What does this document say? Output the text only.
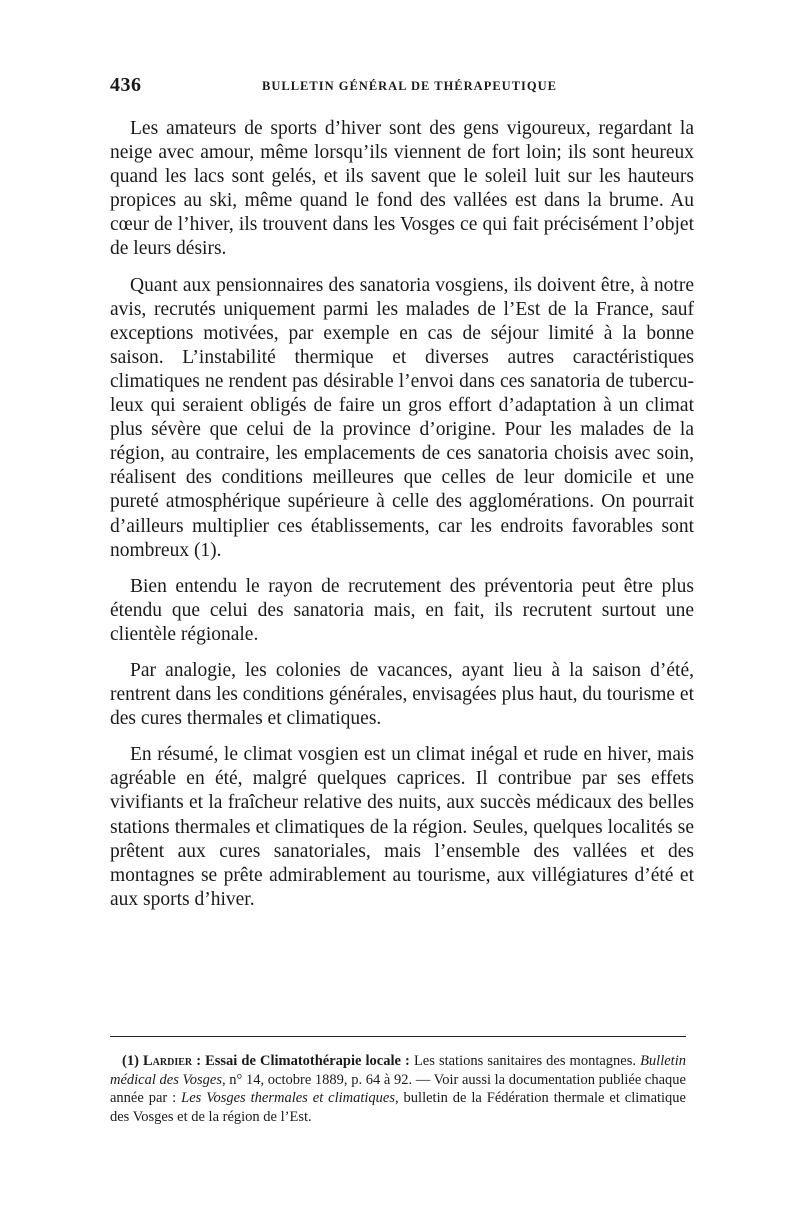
436	BULLETIN GÉNÉRAL DE THÉRAPEUTIQUE

Les amateurs de sports d’hiver sont des gens vigoureux, regardant la neige avec amour, même lorsqu’ils viennent de fort loin; ils sont heureux quand les lacs sont gelés, et ils savent que le soleil luit sur les hauteurs propices au ski, même quand le fond des vallées est dans la brume. Au cœur de l’hiver, ils trouvent dans les Vosges ce qui fait précisément l’objet de leurs désirs.

Quant aux pensionnaires des sanatoria vosgiens, ils doivent être, à notre avis, recrutés uniquement parmi les malades de l’Est de la France, sauf exceptions motivées, par exemple en cas de séjour limité à la bonne saison. L’instabilité thermique et diverses autres caractéristiques climatiques ne rendent pas désirable l’envoi dans ces sanatoria de tuberculeux qui seraient obligés de faire un gros effort d’adaptation à un climat plus sévère que celui de la province d’origine. Pour les malades de la région, au contraire, les emplacements de ces sanatoria choisis avec soin, réalisent des conditions meilleures que celles de leur domicile et une pureté atmosphérique supérieure à celle des agglomérations. On pourrait d’ailleurs multiplier ces établissements, car les endroits favorables sont nombreux (1).

Bien entendu le rayon de recrutement des préventoria peut être plus étendu que celui des sanatoria mais, en fait, ils recrutent surtout une clientèle régionale.

Par analogie, les colonies de vacances, ayant lieu à la saison d’été, rentrent dans les conditions générales, envisagées plus haut, du tourisme et des cures thermales et climatiques.

En résumé, le climat vosgien est un climat inégal et rude en hiver, mais agréable en été, malgré quelques caprices. Il contribue par ses effets vivifiants et la fraîcheur relative des nuits, aux succès médicaux des belles stations thermales et climatiques de la région. Seules, quelques localités se prêtent aux cures sanatoriales, mais l’ensemble des vallées et des montagnes se prête admirablement au tourisme, aux villégiatures d’été et aux sports d’hiver.

(1) Lardier : Essai de Climatothérapie locale : Les stations sanitaires des montagnes. Bulletin médical des Vosges, n° 14, octobre 1889, p. 64 à 92. — Voir aussi la documentation publiée chaque année par : Les Vosges thermales et climatiques, bulletin de la Fédération thermale et climatique des Vosges et de la région de l’Est.
